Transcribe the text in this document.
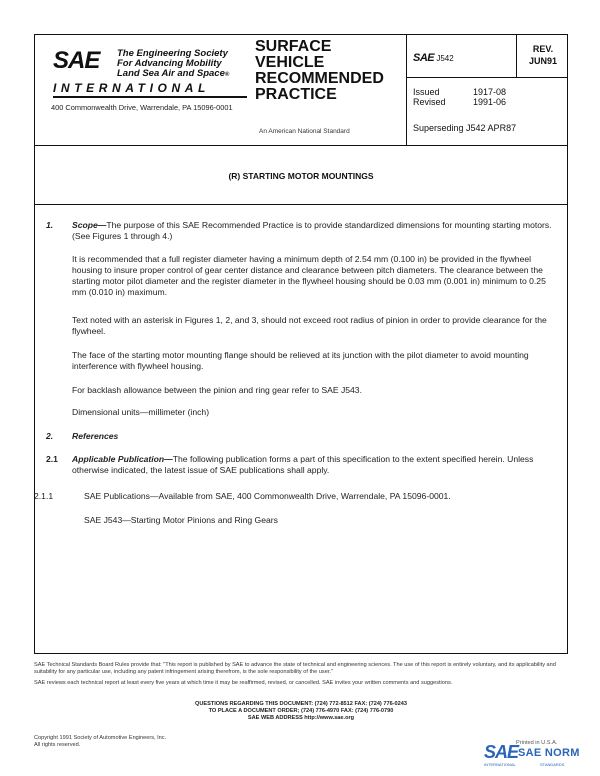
SAE The Engineering Society
For Advancing Mobility
Land Sea Air and Space®
INTERNATIONAL
400 Commonwealth Drive, Warrendale, PA 15096-0001
SURFACE
VEHICLE
RECOMMENDED
PRACTICE
An American National Standard
SAE J542
REV.
JUN91
Issued	1917-08
Revised	1991-06
Superseding J542 APR87
(R) STARTING MOTOR MOUNTINGS
1. Scope—The purpose of this SAE Recommended Practice is to provide standardized dimensions for mounting starting motors. (See Figures 1 through 4.)
It is recommended that a full register diameter having a minimum depth of 2.54 mm (0.100 in) be provided in the flywheel housing to insure proper control of gear center distance and clearance between pitch diameters. The clearance between the starting motor pilot diameter and the register diameter in the flywheel housing should be 0.03 mm (0.001 in) minimum to 0.25 mm (0.010 in) maximum.
Text noted with an asterisk in Figures 1, 2, and 3, should not exceed root radius of pinion in order to provide clearance for the flywheel.
The face of the starting motor mounting flange should be relieved at its junction with the pilot diameter to avoid mounting interference with flywheel housing.
For backlash allowance between the pinion and ring gear refer to SAE J543.
Dimensional units—millimeter (inch)
2. References
2.1 Applicable Publication—The following publication forms a part of this specification to the extent specified herein. Unless otherwise indicated, the latest issue of SAE publications shall apply.
2.1.1	SAE Publications—Available from SAE, 400 Commonwealth Drive, Warrendale, PA 15096-0001.
SAE J543—Starting Motor Pinions and Ring Gears
SAE Technical Standards Board Rules provide that: "This report is published by SAE to advance the state of technical and engineering sciences. The use of this report is entirely voluntary, and its applicability and suitability for any particular use, including any patent infringement arising therefrom, is the sole responsibility of the user."
SAE reviews each technical report at least every five years at which time it may be reaffirmed, revised, or cancelled. SAE invites your written comments and suggestions.
QUESTIONS REGARDING THIS DOCUMENT: (724) 772-8512 FAX: (724) 776-0243
TO PLACE A DOCUMENT ORDER; (724) 776-4970 FAX: (724) 776-0790
SAE WEB ADDRESS http://www.sae.org
Copyright 1991 Society of Automotive Engineers, Inc.
All rights reserved.	Printed in U.S.A.
SAE SAE NORM
INTERNATIONAL	STANDARDS
